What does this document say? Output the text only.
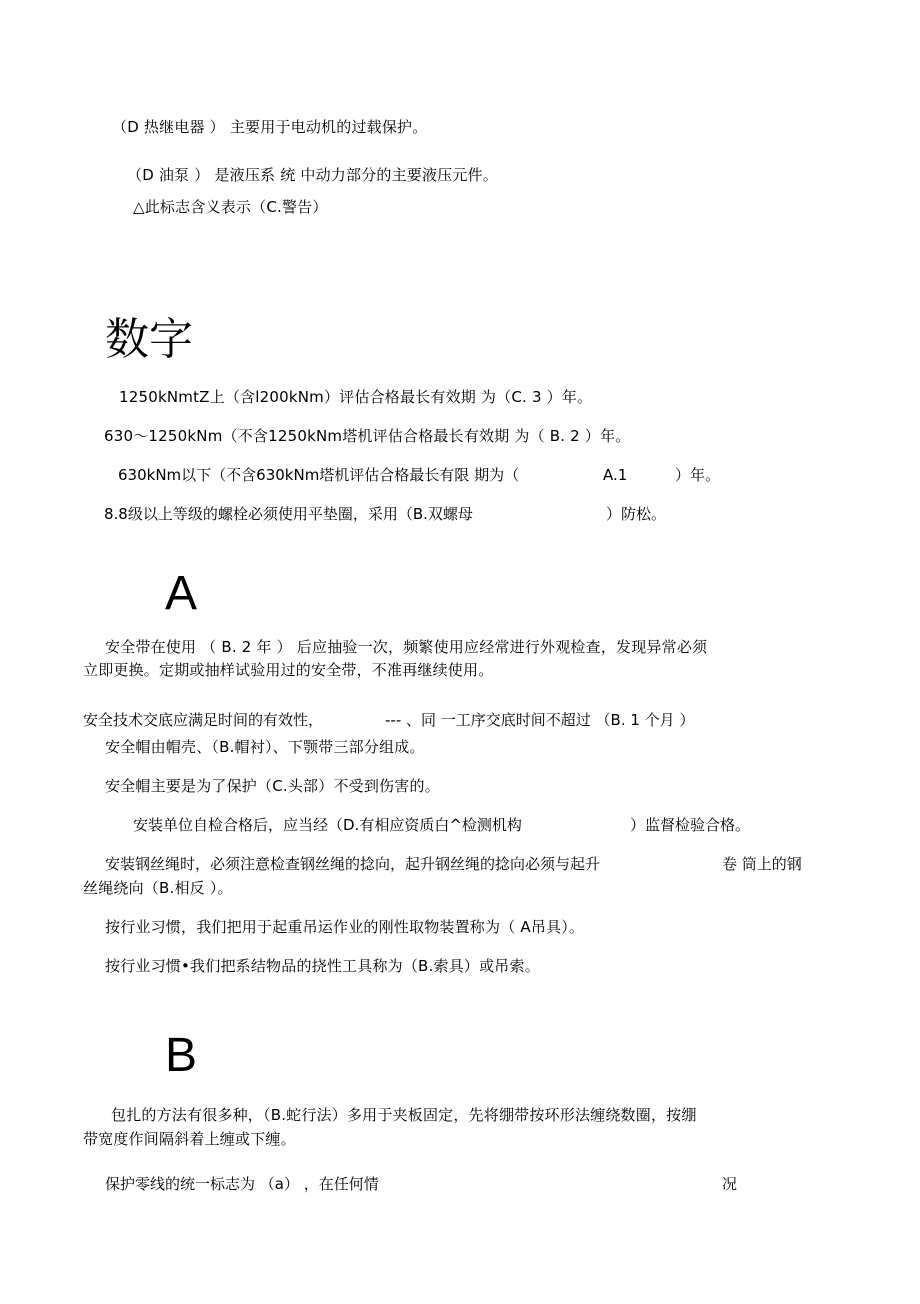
（D 热继电器 ） 主要用于电动机的过载保护。
（D 油泵 ） 是液压系 统 中动力部分的主要液压元件。
△此标志含义表示（C.警告）
数字
1250kNmtZ上（含l200kNm）评估合格最长有效期 为（C. 3 ）年。
630～1250kNm（不含1250kNm塔机评估合格最长有效期 为（ B. 2 ）年。
630kNm以下（不含630kNm塔机评估合格最长有限 期为（	A.1	）年。
8.8级以上等级的螺栓必须使用平垫圈，采用（B.双螺母	）防松。
A
安全带在使用 （ B. 2 年 ） 后应抽验一次，频繁使用应经常进行外观检查，发现异常必须
立即更换。定期或抽样试验用过的安全带，不准再继续使用。
安全技术交底应满足时间的有效性，	--- 、同 一工序交底时间不超过 （B. 1 个月 ）
安全帽由帽壳、（B.帽衬）、下颚带三部分组成。
安全帽主要是为了保护（C.头部）不受到伤害的。
安装单位自检合格后，应当经（D.有相应资质白^检测机构	）监督检验合格。
安装钢丝绳时，必须注意检查钢丝绳的捻向，起升钢丝绳的捻向必须与起升	卷 筒上的钢
丝绳绕向（B.相反 ）。
按行业习惯，我们把用于起重吊运作业的刚性取物装置称为（ A吊具）。
按行业习惯•我们把系结物品的挠性工具称为（B.索具）或吊索。
B
包扎的方法有很多种，（B.蛇行法）多用于夹板固定，先将绷带按环形法缠绕数圈，按绷
带宽度作间隔斜着上缠或下缠。
保护零线的统一标志为 （a） ，在任何情	况
